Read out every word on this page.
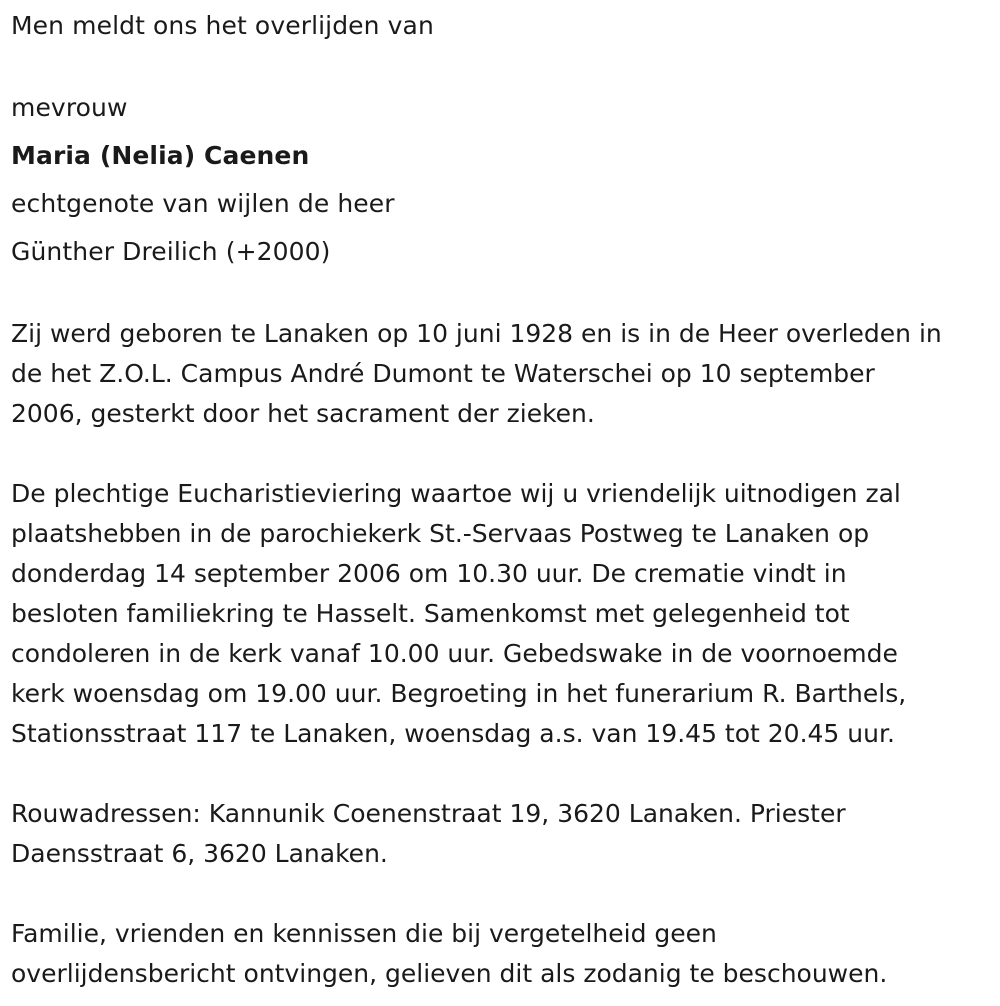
Men meldt ons het overlijden van
mevrouw
Maria (Nelia) Caenen
echtgenote van wijlen de heer
Günther Dreilich (+2000)
Zij werd geboren te Lanaken op 10 juni 1928 en is in de Heer overleden in
de het Z.O.L. Campus André Dumont te Waterschei op 10 september
2006, gesterkt door het sacrament der zieken.
De plechtige Eucharistieviering waartoe wij u vriendelijk uitnodigen zal
plaatshebben in de parochiekerk St.-Servaas Postweg te Lanaken op
donderdag 14 september 2006 om 10.30 uur. De crematie vindt in
besloten familiekring te Hasselt. Samenkomst met gelegenheid tot
condoleren in de kerk vanaf 10.00 uur. Gebedswake in de voornoemde
kerk woensdag om 19.00 uur. Begroeting in het funerarium R. Barthels,
Stationsstraat 117 te Lanaken, woensdag a.s. van 19.45 tot 20.45 uur.
Rouwadressen: Kannunik Coenenstraat 19, 3620 Lanaken. Priester
Daensstraat 6, 3620 Lanaken.
Familie, vrienden en kennissen die bij vergetelheid geen
overlijdensbericht ontvingen, gelieven dit als zodanig te beschouwen.
